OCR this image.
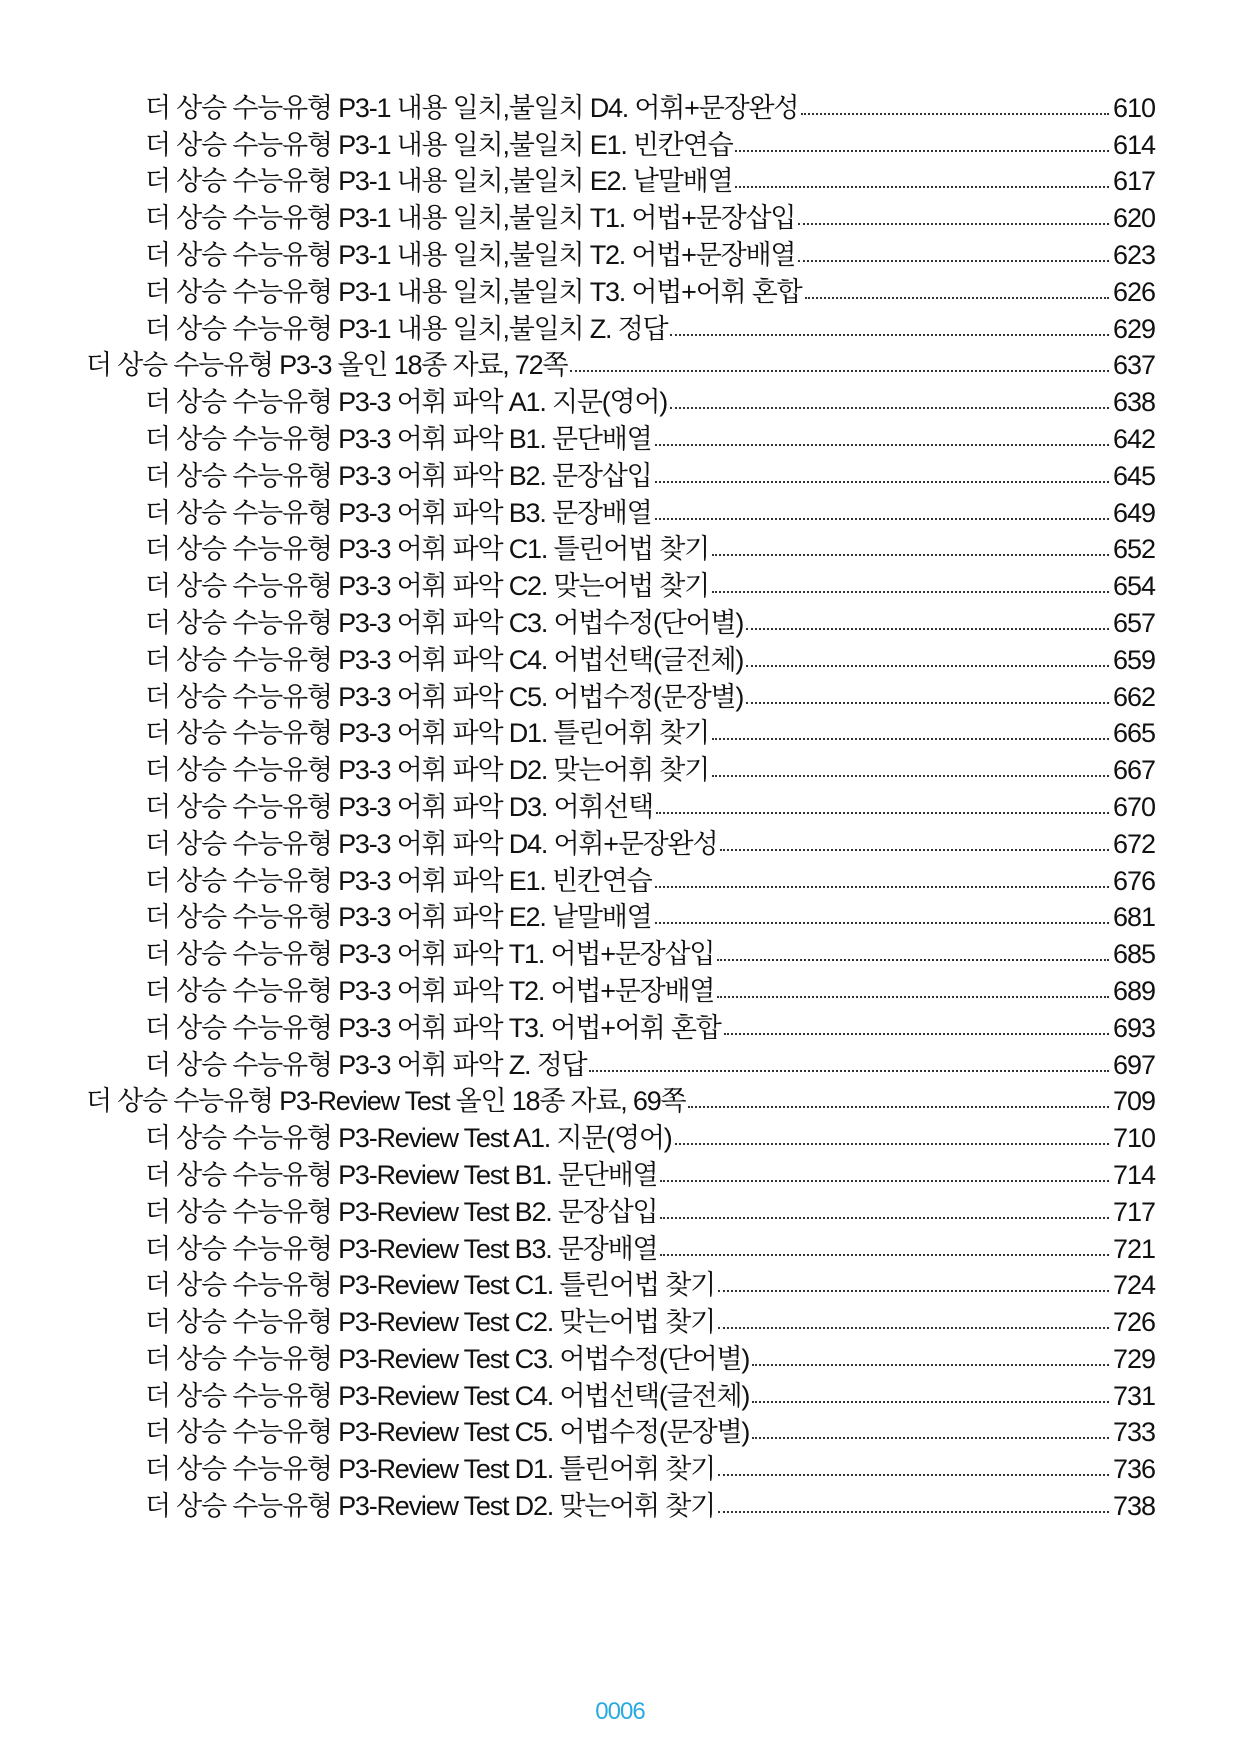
더 상승 수능유형 P3-1 내용 일치,불일치 D4. 어휘+문장완성	610
더 상승 수능유형 P3-1 내용 일치,불일치 E1. 빈칸연습	614
더 상승 수능유형 P3-1 내용 일치,불일치 E2. 낱말배열	617
더 상승 수능유형 P3-1 내용 일치,불일치 T1. 어법+문장삽입	620
더 상승 수능유형 P3-1 내용 일치,불일치 T2. 어법+문장배열	623
더 상승 수능유형 P3-1 내용 일치,불일치 T3. 어법+어휘 혼합	626
더 상승 수능유형 P3-1 내용 일치,불일치 Z. 정답	629
더 상승 수능유형 P3-3 올인 18종 자료, 72쪽	637
더 상승 수능유형 P3-3 어휘 파악 A1. 지문(영어)	638
더 상승 수능유형 P3-3 어휘 파악 B1. 문단배열	642
더 상승 수능유형 P3-3 어휘 파악 B2. 문장삽입	645
더 상승 수능유형 P3-3 어휘 파악 B3. 문장배열	649
더 상승 수능유형 P3-3 어휘 파악 C1. 틀린어법 찾기	652
더 상승 수능유형 P3-3 어휘 파악 C2. 맞는어법 찾기	654
더 상승 수능유형 P3-3 어휘 파악 C3. 어법수정(단어별)	657
더 상승 수능유형 P3-3 어휘 파악 C4. 어법선택(글전체)	659
더 상승 수능유형 P3-3 어휘 파악 C5. 어법수정(문장별)	662
더 상승 수능유형 P3-3 어휘 파악 D1. 틀린어휘 찾기	665
더 상승 수능유형 P3-3 어휘 파악 D2. 맞는어휘 찾기	667
더 상승 수능유형 P3-3 어휘 파악 D3. 어휘선택	670
더 상승 수능유형 P3-3 어휘 파악 D4. 어휘+문장완성	672
더 상승 수능유형 P3-3 어휘 파악 E1. 빈칸연습	676
더 상승 수능유형 P3-3 어휘 파악 E2. 낱말배열	681
더 상승 수능유형 P3-3 어휘 파악 T1. 어법+문장삽입	685
더 상승 수능유형 P3-3 어휘 파악 T2. 어법+문장배열	689
더 상승 수능유형 P3-3 어휘 파악 T3. 어법+어휘 혼합	693
더 상승 수능유형 P3-3 어휘 파악 Z. 정답	697
더 상승 수능유형 P3-Review Test 올인 18종 자료, 69쪽	709
더 상승 수능유형 P3-Review Test A1. 지문(영어)	710
더 상승 수능유형 P3-Review Test B1. 문단배열	714
더 상승 수능유형 P3-Review Test B2. 문장삽입	717
더 상승 수능유형 P3-Review Test B3. 문장배열	721
더 상승 수능유형 P3-Review Test C1. 틀린어법 찾기	724
더 상승 수능유형 P3-Review Test C2. 맞는어법 찾기	726
더 상승 수능유형 P3-Review Test C3. 어법수정(단어별)	729
더 상승 수능유형 P3-Review Test C4. 어법선택(글전체)	731
더 상승 수능유형 P3-Review Test C5. 어법수정(문장별)	733
더 상승 수능유형 P3-Review Test D1. 틀린어휘 찾기	736
더 상승 수능유형 P3-Review Test D2. 맞는어휘 찾기	738
0006
